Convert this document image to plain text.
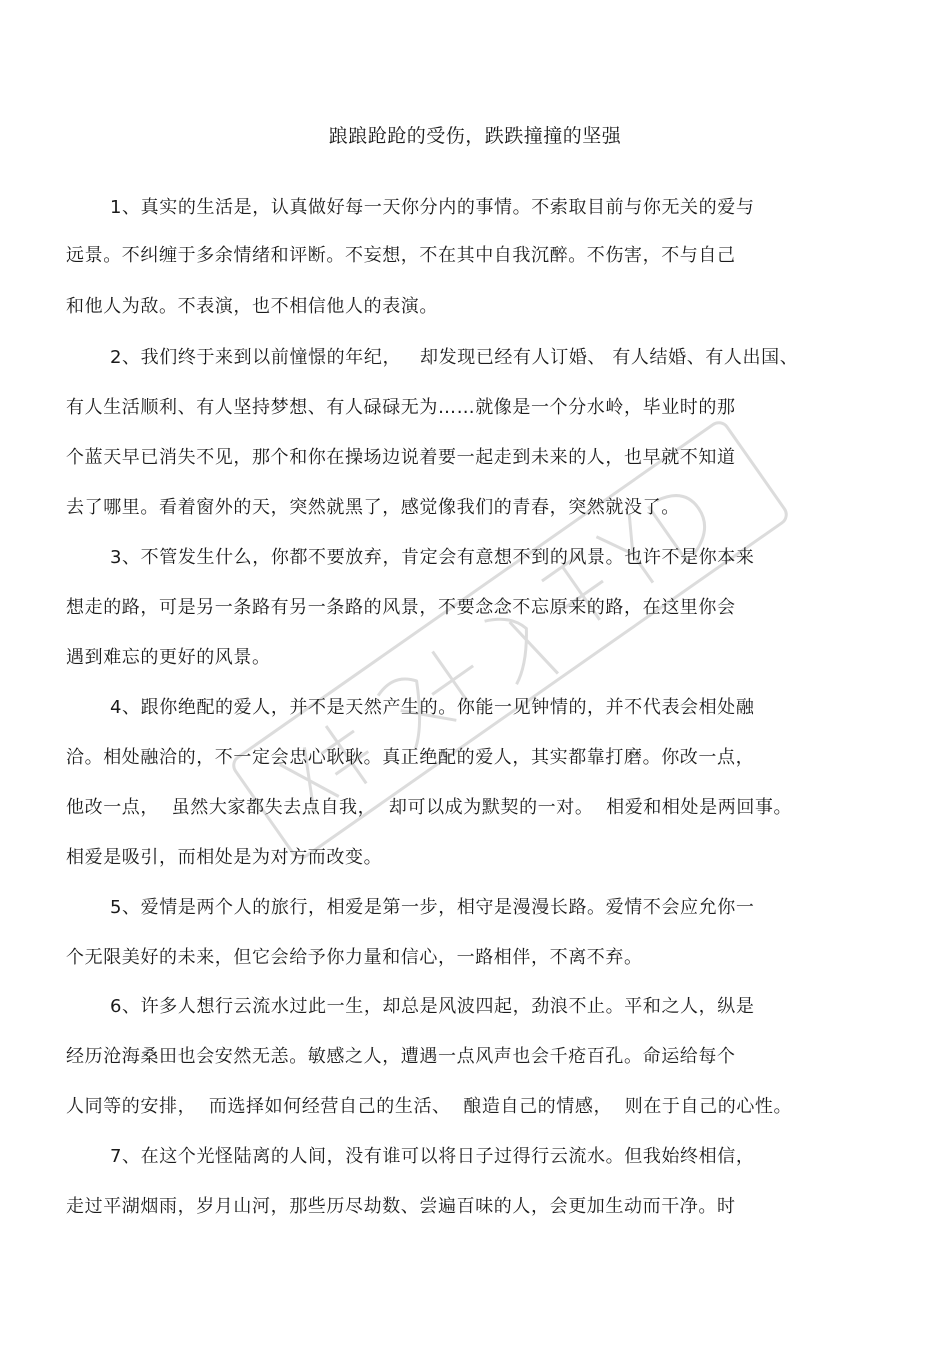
踉踉跄跄的受伤，跌跌撞撞的坚强
1、真实的生活是，认真做好每一天你分内的事情。不索取目前与你无关的爱与
远景。不纠缠于多余情绪和评断。不妄想，不在其中自我沉醉。不伤害，不与自己
和他人为敌。不表演，也不相信他人的表演。
2、我们终于来到以前憧憬的年纪，   却发现已经有人订婚、 有人结婚、有人出国、
有人生活顺利、有人坚持梦想、有人碌碌无为……就像是一个分水岭，毕业时的那
个蓝天早已消失不见，那个和你在操场边说着要一起走到未来的人，也早就不知道
去了哪里。看着窗外的天，突然就黑了，感觉像我们的青春，突然就没了。
3、不管发生什么，你都不要放弃，肯定会有意想不到的风景。也许不是你本来
想走的路，可是另一条路有另一条路的风景，不要念念不忘原来的路，在这里你会
遇到难忘的更好的风景。
4、跟你绝配的爱人，并不是天然产生的。你能一见钟情的，并不代表会相处融
洽。相处融洽的，不一定会忠心耿耿。真正绝配的爱人，其实都靠打磨。你改一点，
他改一点，  虽然大家都失去点自我，  却可以成为默契的一对。  相爱和相处是两回事。
相爱是吸引，而相处是为对方而改变。
5、爱情是两个人的旅行，相爱是第一步，相守是漫漫长路。爱情不会应允你一
个无限美好的未来，但它会给予你力量和信心，一路相伴，不离不弃。
6、许多人想行云流水过此一生，却总是风波四起，劲浪不止。平和之人，纵是
经历沧海桑田也会安然无恙。敏感之人，遭遇一点风声也会千疮百孔。命运给每个
人同等的安排，  而选择如何经营自己的生活、  酿造自己的情感，  则在于自己的心性。
7、在这个光怪陆离的人间，没有谁可以将日子过得行云流水。但我始终相信，
走过平湖烟雨，岁月山河，那些历尽劫数、尝遍百味的人，会更加生动而干净。时
